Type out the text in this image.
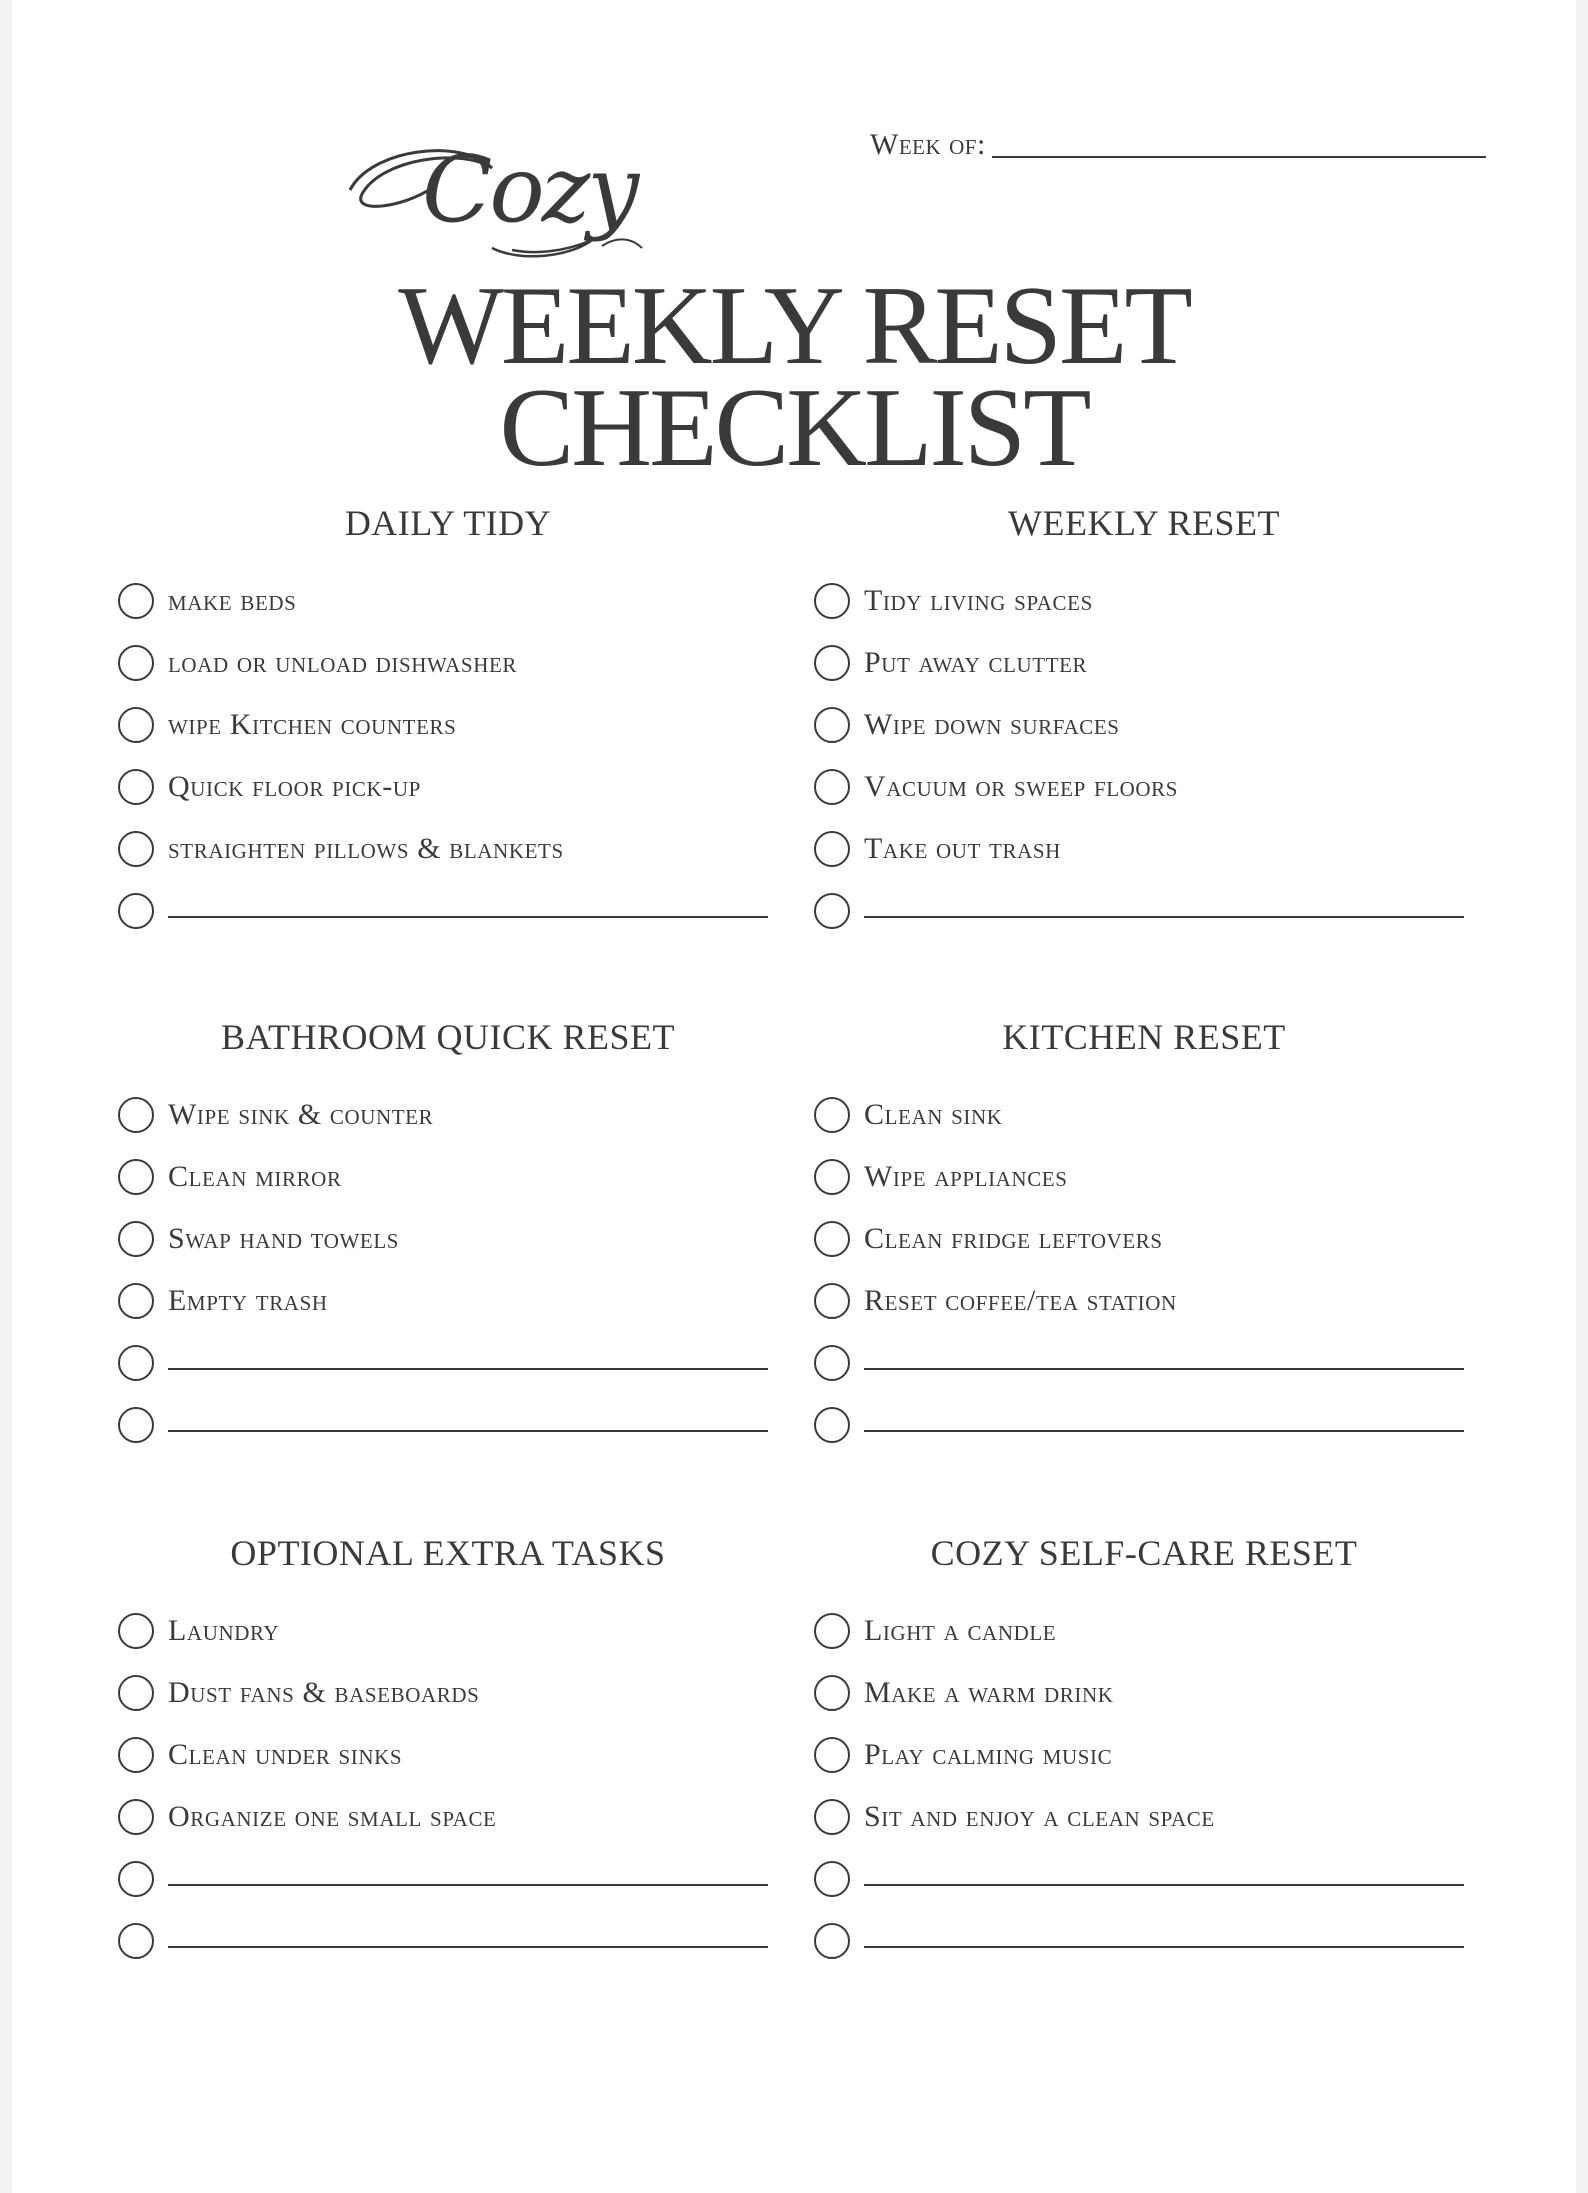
Week of:
Cozy
WEEKLY RESET
CHECKLIST
DAILY TIDY
make beds
load or unload dishwasher
wipe Kitchen counters
Quick floor pick-up
straighten pillows & blankets
WEEKLY RESET
Tidy living spaces
Put away clutter
Wipe down surfaces
Vacuum or sweep floors
Take out trash
BATHROOM QUICK RESET
Wipe sink & counter
Clean mirror
Swap hand towels
Empty trash
KITCHEN RESET
Clean sink
Wipe appliances
Clean fridge leftovers
Reset coffee/tea station
OPTIONAL EXTRA TASKS
Laundry
Dust fans & baseboards
Clean under sinks
Organize one small space
COZY SELF-CARE RESET
Light a candle
Make a warm drink
Play calming music
Sit and enjoy a clean space
